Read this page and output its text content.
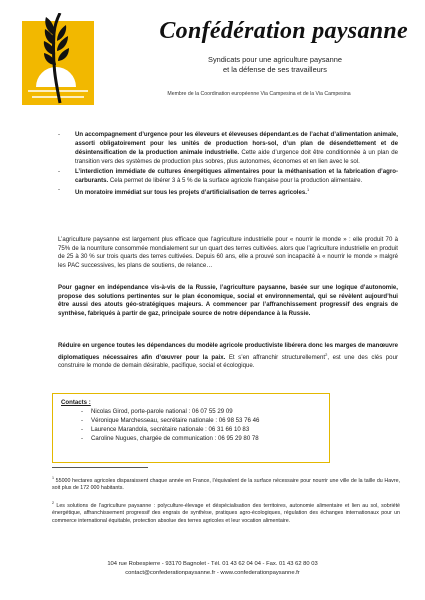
Confédération paysanne
Syndicats pour une agriculture paysanne
et la défense de ses travailleurs
Membre de la Coordination européenne Via Campesina et de la Via Campesina
- Un accompagnement d’urgence pour les éleveurs et éleveuses dépendant.es de l’achat d’alimentation animale, assorti obligatoirement pour les unités de production hors-sol, d’un plan de désendettement et de désintensification de la production animale industrielle. Cette aide d’urgence doit être conditionnée à un plan de transition vers des systèmes de production plus sobres, plus autonomes, économes et en lien avec le sol.
- L’interdiction immédiate de cultures énergétiques alimentaires pour la méthanisation et la fabrication d’agro-carburants. Cela permet de libérer 3 à 5 % de la surface agricole française pour la production alimentaire.
- Un moratoire immédiat sur tous les projets d’artificialisation de terres agricoles.$^1$

L’agriculture paysanne est largement plus efficace que l’agriculture industrielle pour « nourrir le monde » : elle produit 70 à 75% de la nourriture consommée mondialement sur un quart des terres cultivées. alors que l’agriculture industrielle en produit de 25 à 30 % sur trois quarts des terres cultivées. Depuis 60 ans, elle a prouvé son incapacité à « nourrir le monde » malgré les PAC successives, les plans de soutiens, de relance…

Pour gagner en indépendance vis-à-vis de la Russie, l’agriculture paysanne, basée sur une logique d’autonomie, propose des solutions pertinentes sur le plan économique, social et environnemental, qui se révèlent aujourd’hui être aussi des atouts géo-stratégiques majeurs. A commencer par l’affranchissement progressif des engrais de synthèse, fabriqués à partir de gaz, principale source de notre dépendance à la Russie.

Réduire en urgence toutes les dépendances du modèle agricole productiviste libérera donc les marges de manœuvre diplomatiques nécessaires afin d’œuvrer pour la paix. Et s’en affranchir structurellement$^2$, est une des clés pour construire le monde de demain désirable, pacifique, social et écologique.

Contacts :
- Nicolas Girod, porte-parole national : 06 07 55 29 09
- Véronique Marchesseau, secrétaire nationale : 06 98 53 76 46
- Laurence Marandola, secrétaire nationale : 06 31 66 10 83
- Caroline Nugues, chargée de communication : 06 95 29 80 78
$^1$ 55000 hectares agricoles disparaissent chaque année en France, l’équivalent de la surface nécessaire pour nourrir une ville de la taille du Havre, soit plus de 172 000 habitants.
$^2$ Les solutions de l’agriculture paysanne : polyculture-élevage et déspécialisation des territoires, autonomie alimentaire et lien au sol, sobriété énergétique, affranchissement progressif des engrais de synthèse, pratiques agro-écologiques, régulation des échanges internationaux pour un commerce international équitable, protection absolue des terres agricoles et leur vocation alimentaire.
104 rue Robespierre - 93170 Bagnolet - Tél. 01 43 62 04 04 - Fax. 01 43 62 80 03
contact@confederationpaysanne.fr - www.confederationpaysanne.fr
